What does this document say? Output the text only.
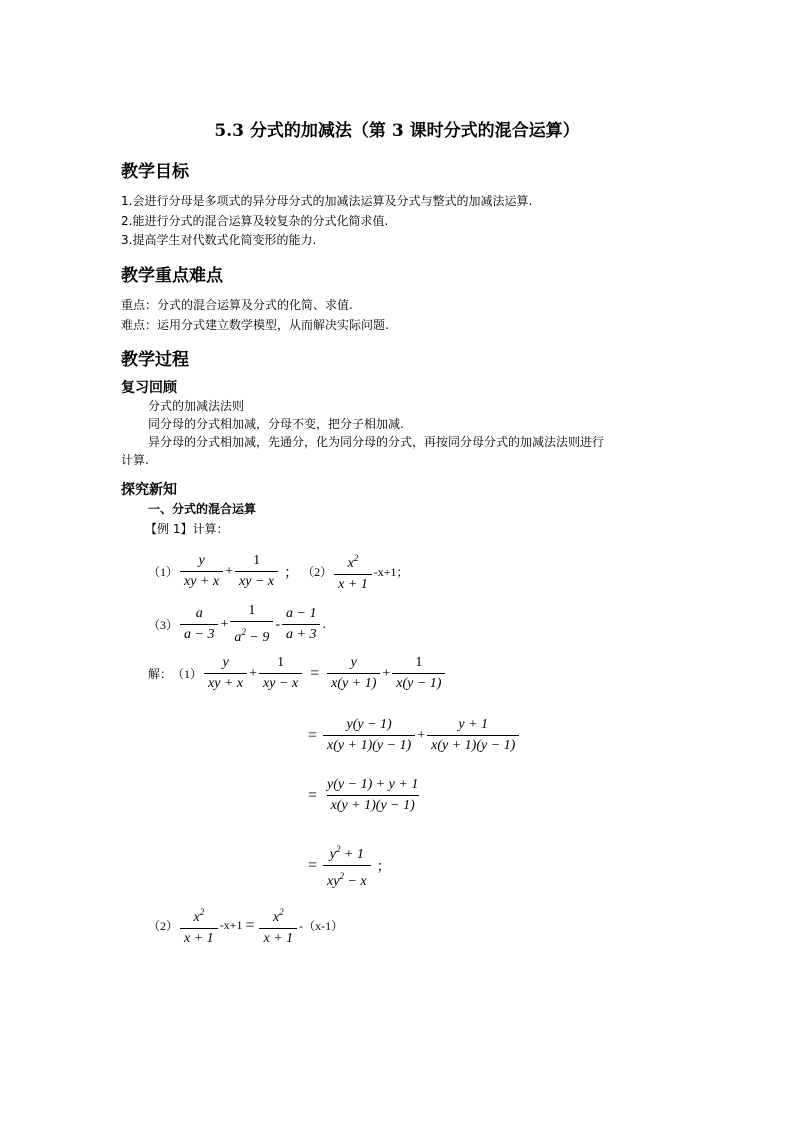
5.3 分式的加减法（第 3 课时分式的混合运算）
教学目标
1.会进行分母是多项式的异分母分式的加减法运算及分式与整式的加减法运算.
2.能进行分式的混合运算及较复杂的分式化简求值.
3.提高学生对代数式化简变形的能力.
教学重点难点
重点：分式的混合运算及分式的化简、求值.
难点：运用分式建立数学模型，从而解决实际问题.
教学过程
复习回顾
分式的加减法法则
同分母的分式相加减，分母不变，把分子相加减.
异分母的分式相加减，先通分，化为同分母的分式，再按同分母分式的加减法法则进行
计算.
探究新知
一、分式的混合运算
【例 1】计算：
$(1) \frac{y}{xy + x} + \frac{1}{xy - x}$ ； $(2) \frac{x^2}{x + 1} -x+1$；
$(3) \frac{a}{a - 3} + \frac{1}{a^2 - 9} - \frac{a - 1}{a + 3}$ .
解： $(1) \frac{y}{xy + x} + \frac{1}{xy - x} = \frac{y}{x(y + 1)} + \frac{1}{x(y - 1)}$
= $\frac{y(y - 1)}{x(y + 1)(y - 1)} + \frac{y + 1}{x(y + 1)(y - 1)}$
= $\frac{y(y - 1) + y + 1}{x(y + 1)(y - 1)}$
= $\frac{y^2 + 1}{xy^2 - x}$ ；
$(2) \frac{x^2}{x + 1} -x+1 = \frac{x^2}{x + 1} -(x-1)$
